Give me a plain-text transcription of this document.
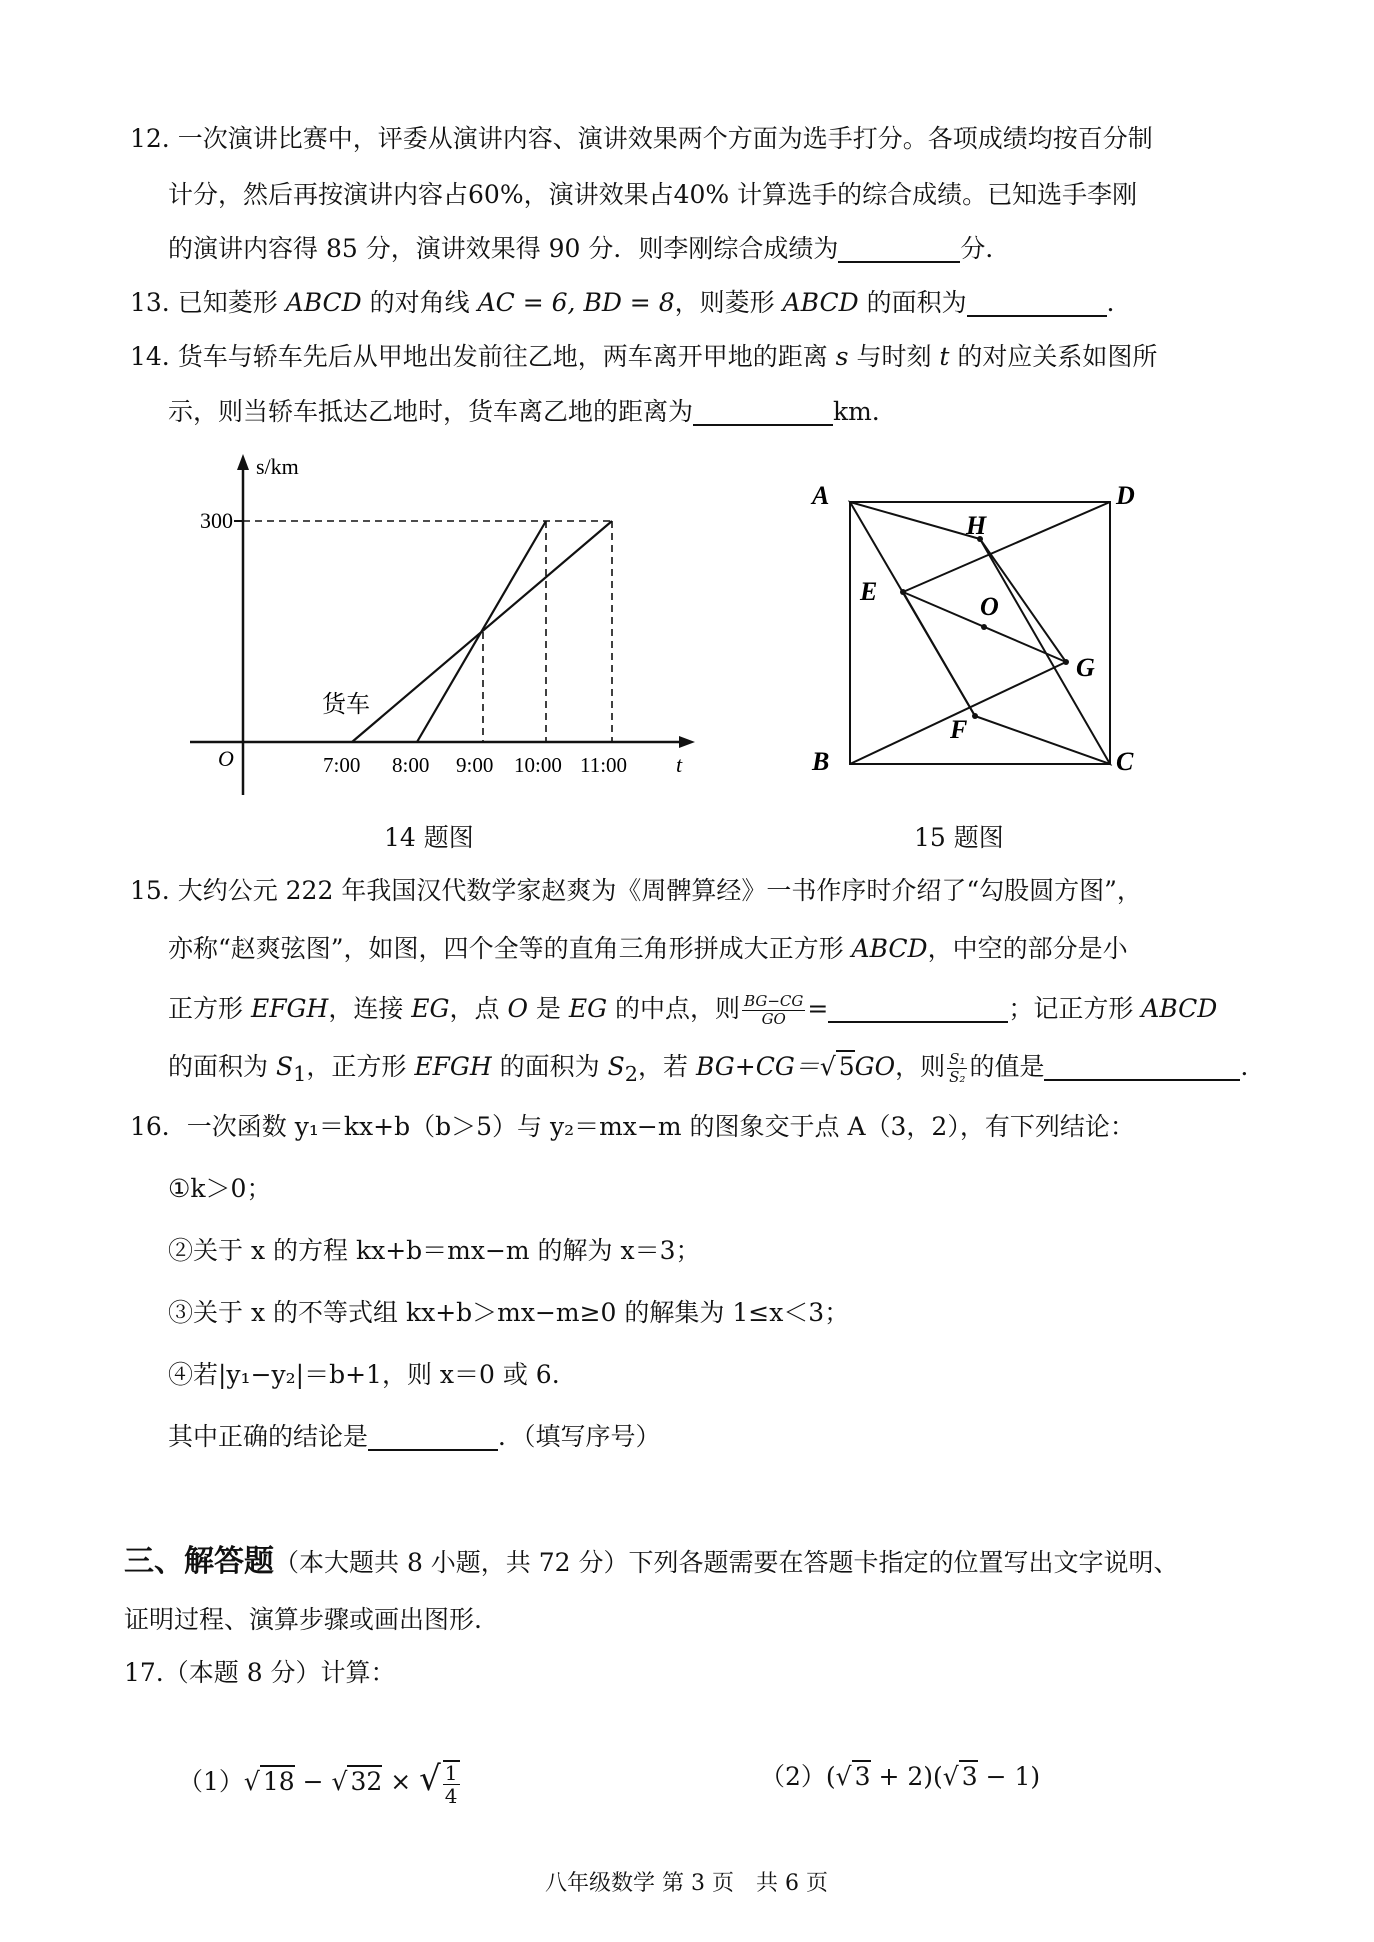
12. 一次演讲比赛中，评委从演讲内容、演讲效果两个方面为选手打分。各项成绩均按百分制
计分，然后再按演讲内容占60%，演讲效果占40% 计算选手的综合成绩。已知选手李刚
的演讲内容得 85 分，演讲效果得 90 分．则李刚综合成绩为	分．
13. 已知菱形 ABCD 的对角线 AC = 6, BD = 8，则菱形 ABCD 的面积为	．
14. 货车与轿车先后从甲地出发前往乙地，两车离开甲地的距离 s 与时刻 t 的对应关系如图所
示，则当轿车抵达乙地时，货车离乙地的距离为	km．
s/km
t
O
300
货车
7:00 8:00 9:00 10:00 11:00
14 题图
A
B	C
D
E
F
G
H
O
15 题图
15. 大约公元 222 年我国汉代数学家赵爽为《周髀算经》一书作序时介绍了“勾股圆方图”，
亦称“赵爽弦图”，如图，四个全等的直角三角形拼成大正方形 ABCD，中空的部分是小
正方形 EFGH，连接 EG，点 O 是 EG 的中点，则 $\frac{BG-CG}{GO}$ =	；记正方形 ABCD
的面积为 $S_1$，正方形 EFGH 的面积为 $S_2$，若 BG+CG＝√ 5GO，则 $\frac{\text{S₁}}{\text{S₂}}$ 的值是	．
16．一次函数 y₁＝kx+b（b＞5）与 y₂＝mx−m 的图象交于点 A（3，2），有下列结论：
①k＞0；
②关于 x 的方程 kx+b＝mx−m 的解为 x＝3；
③关于 x 的不等式组 kx+b＞mx−m≥0 的解集为 1≤x＜3；
④若|y₁−y₂|＝b+1，则 x＝0 或 6.
其中正确的结论是	．（填写序号）
三、解答题（本大题共 8 小题，共 72 分）下列各题需要在答题卡指定的位置写出文字说明、
证明过程、演算步骤或画出图形.
17.（本题 8 分）计算：
（1）√ 18 − √ 32 × √ $\frac{1}{4}$	（2）(√ 3 + 2)(√ 3 − 1)
八年级数学 第 3 页　共 6 页
